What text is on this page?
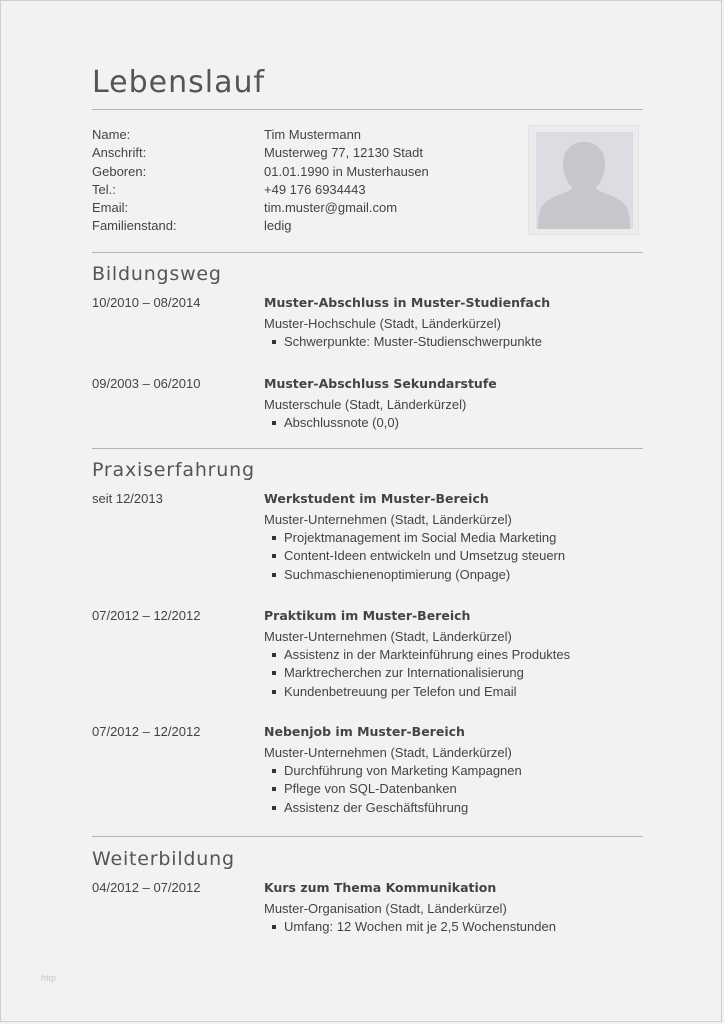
Lebenslauf
Name:	Tim Mustermann
Anschrift:	Musterweg 77, 12130 Stadt
Geboren:	01.01.1990 in Musterhausen
Tel.:	+49 176 6934443
Email:	tim.muster@gmail.com
Familienstand:	ledig
Bildungsweg
10/2010 – 08/2014	Muster-Abschluss in Muster-Studienfach
Muster-Hochschule (Stadt, Länderkürzel)
Schwerpunkte: Muster-Studienschwerpunkte
09/2003 – 06/2010	Muster-Abschluss Sekundarstufe
Musterschule (Stadt, Länderkürzel)
Abschlussnote (0,0)
Praxiserfahrung
seit 12/2013	Werkstudent im Muster-Bereich
Muster-Unternehmen (Stadt, Länderkürzel)
Projektmanagement im Social Media Marketing
Content-Ideen entwickeln und Umsetzug steuern
Suchmaschienenoptimierung (Onpage)
07/2012 – 12/2012	Praktikum im Muster-Bereich
Muster-Unternehmen (Stadt, Länderkürzel)
Assistenz in der Markteinführung eines Produktes
Marktrecherchen zur Internationalisierung
Kundenbetreuung per Telefon und Email
07/2012 – 12/2012	Nebenjob im Muster-Bereich
Muster-Unternehmen (Stadt, Länderkürzel)
Durchführung von Marketing Kampagnen
Pflege von SQL-Datenbanken
Assistenz der Geschäftsführung
Weiterbildung
04/2012 – 07/2012	Kurs zum Thema Kommunikation
Muster-Organisation (Stadt, Länderkürzel)
Umfang: 12 Wochen mit je 2,5 Wochenstunden
http
